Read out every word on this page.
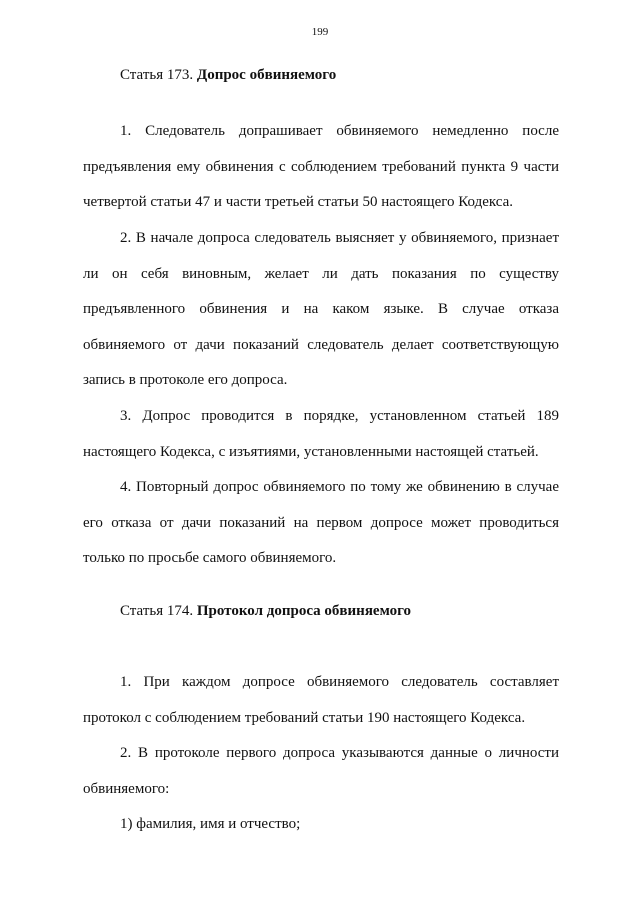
199
Статья 173. Допрос обвиняемого

1. Следователь допрашивает обвиняемого немедленно после предъявления ему обвинения с соблюдением требований пункта 9 части четвертой статьи 47 и части третьей статьи 50 настоящего Кодекса.

2. В начале допроса следователь выясняет у обвиняемого, признает ли он себя виновным, желает ли дать показания по существу предъявленного обвинения и на каком языке. В случае отказа обвиняемого от дачи показаний следователь делает соответствующую запись в протоколе его допроса.

3. Допрос проводится в порядке, установленном статьей 189 настоящего Кодекса, с изъятиями, установленными настоящей статьей.

4. Повторный допрос обвиняемого по тому же обвинению в случае его отказа от дачи показаний на первом допросе может проводиться только по просьбе самого обвиняемого.

Статья 174. Протокол допроса обвиняемого

1. При каждом допросе обвиняемого следователь составляет протокол с соблюдением требований статьи 190 настоящего Кодекса.

2. В протоколе первого допроса указываются данные о личности обвиняемого:

1) фамилия, имя и отчество;
